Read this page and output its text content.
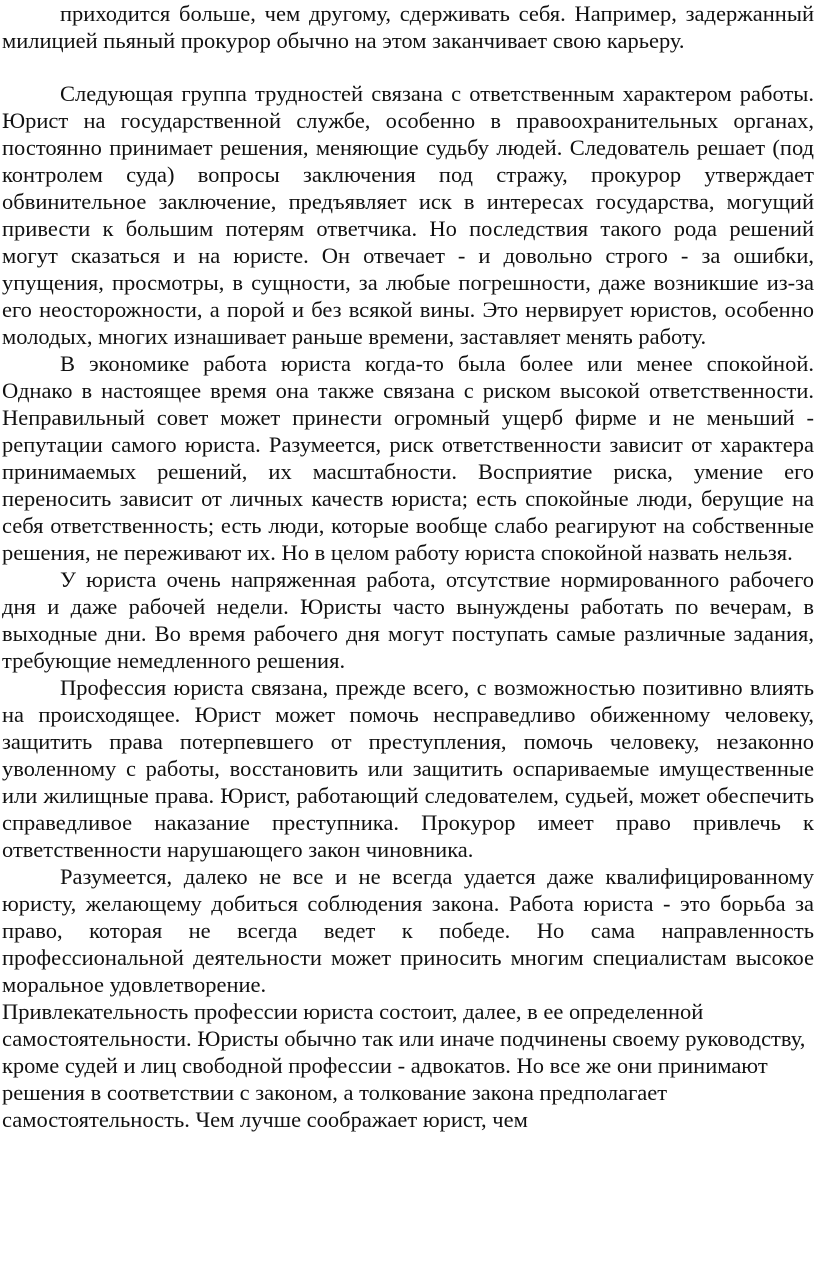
приходится больше, чем другому, сдерживать себя. Например, задержанный милицией пьяный прокурор обычно на этом заканчивает свою карьеру.

Следующая группа трудностей связана с ответственным характером работы. Юрист на государственной службе, особенно в правоохранительных органах, постоянно принимает решения, меняющие судьбу людей. Следователь решает (под контролем суда) вопросы заключения под стражу, прокурор утверждает обвинительное заключение, предъявляет иск в интересах государства, могущий привести к большим потерям ответчика. Но последствия такого рода решений могут сказаться и на юристе. Он отвечает - и довольно строго - за ошибки, упущения, просмотры, в сущности, за любые погрешности, даже возникшие из-за его неосторожности, а порой и без всякой вины. Это нервирует юристов, особенно молодых, многих изнашивает раньше времени, заставляет менять работу.

В экономике работа юриста когда-то была более или менее спокойной. Однако в настоящее время она также связана с риском высокой ответственности. Неправильный совет может принести огромный ущерб фирме и не меньший - репутации самого юриста. Разумеется, риск ответственности зависит от характера принимаемых решений, их масштабности. Восприятие риска, умение его переносить зависит от личных качеств юриста; есть спокойные люди, берущие на себя ответственность; есть люди, которые вообще слабо реагируют на собственные решения, не переживают их. Но в целом работу юриста спокойной назвать нельзя.

У юриста очень напряженная работа, отсутствие нормированного рабочего дня и даже рабочей недели. Юристы часто вынуждены работать по вечерам, в выходные дни. Во время рабочего дня могут поступать самые различные задания, требующие немедленного решения.

Профессия юриста связана, прежде всего, с возможностью позитивно влиять на происходящее. Юрист может помочь несправедливо обиженному человеку, защитить права потерпевшего от преступления, помочь человеку, незаконно уволенному с работы, восстановить или защитить оспариваемые имущественные или жилищные права. Юрист, работающий следователем, судьей, может обеспечить справедливое наказание преступника. Прокурор имеет право привлечь к ответственности нарушающего закон чиновника.

Разумеется, далеко не все и не всегда удается даже квалифицированному юристу, желающему добиться соблюдения закона. Работа юриста - это борьба за право, которая не всегда ведет к победе. Но сама направленность профессиональной деятельности может приносить многим специалистам высокое моральное удовлетворение.

Привлекательность профессии юриста состоит, далее, в ее определенной самостоятельности. Юристы обычно так или иначе подчинены своему руководству, кроме судей и лиц свободной профессии - адвокатов. Но все же они принимают решения в соответствии с законом, а толкование закона предполагает самостоятельность. Чем лучше соображает юрист, чем
